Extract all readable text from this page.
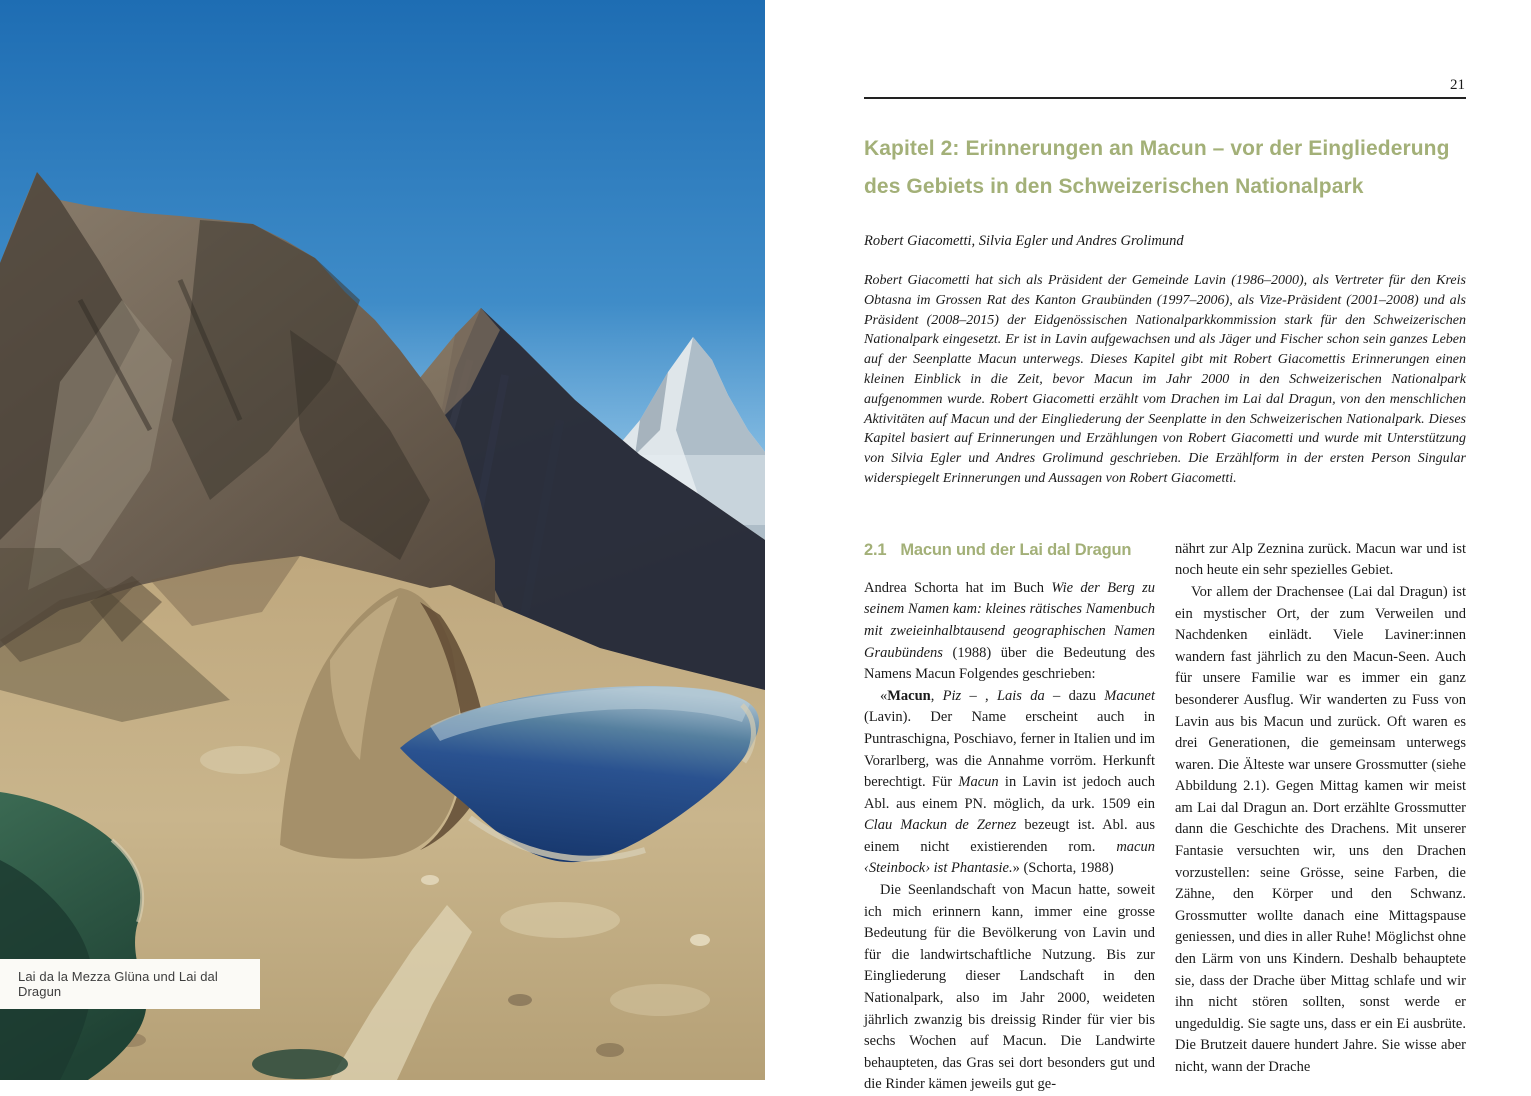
Lai da la Mezza Glüna und Lai dal Dragun
21
Kapitel 2: Erinnerungen an Macun – vor der Eingliederung des Gebiets in den Schweizerischen Nationalpark

Robert Giacometti, Silvia Egler und Andres Grolimund

Robert Giacometti hat sich als Präsident der Gemeinde Lavin (1986–2000), als Vertreter für den Kreis Obtasna im Grossen Rat des Kanton Graubünden (1997–2006), als Vize-Präsident (2001–2008) und als Präsident (2008–2015) der Eidgenössischen Nationalparkkommission stark für den Schweizerischen Nationalpark eingesetzt. Er ist in Lavin aufgewachsen und als Jäger und Fischer schon sein ganzes Leben auf der Seenplatte Macun unterwegs. Dieses Kapitel gibt mit Robert Giacomettis Erinnerungen einen kleinen Einblick in die Zeit, bevor Macun im Jahr 2000 in den Schweizerischen Nationalpark aufgenommen wurde. Robert Giacometti erzählt vom Drachen im Lai dal Dragun, von den menschlichen Aktivitäten auf Macun und der Eingliederung der Seenplatte in den Schweizerischen Nationalpark. Dieses Kapitel basiert auf Erinnerungen und Erzählungen von Robert Giacometti und wurde mit Unterstützung von Silvia Egler und Andres Grolimund geschrieben. Die Erzählform in der ersten Person Singular widerspiegelt Erinnerungen und Aussagen von Robert Giacometti.

2.1 Macun und der Lai dal Dragun

Andrea Schorta hat im Buch Wie der Berg zu seinem Namen kam: kleines rätisches Namenbuch mit zweieinhalbtausend geographischen Namen Graubündens (1988) über die Bedeutung des Namens Macun Folgendes geschrieben:

«Macun, Piz – , Lais da – dazu Macunet (Lavin). Der Name erscheint auch in Puntraschigna, Poschiavo, ferner in Italien und im Vorarlberg, was die Annahme vorröm. Herkunft berechtigt. Für Macun in Lavin ist jedoch auch Abl. aus einem PN. möglich, da urk. 1509 ein Clau Mackun de Zernez bezeugt ist. Abl. aus einem nicht existierenden rom. macun ‹Steinbock› ist Phantasie.» (Schorta, 1988)

Die Seenlandschaft von Macun hatte, soweit ich mich erinnern kann, immer eine grosse Bedeutung für die Bevölkerung von Lavin und für die landwirtschaftliche Nutzung. Bis zur Eingliederung dieser Landschaft in den Nationalpark, also im Jahr 2000, weideten jährlich zwanzig bis dreissig Rinder für vier bis sechs Wochen auf Macun. Die Landwirte behaupteten, das Gras sei dort besonders gut und die Rinder kämen jeweils gut ge-

nährt zur Alp Zeznina zurück. Macun war und ist noch heute ein sehr spezielles Gebiet.

Vor allem der Drachensee (Lai dal Dragun) ist ein mystischer Ort, der zum Verweilen und Nachdenken einlädt. Viele Laviner:innen wandern fast jährlich zu den Macun-Seen. Auch für unsere Familie war es immer ein ganz besonderer Ausflug. Wir wanderten zu Fuss von Lavin aus bis Macun und zurück. Oft waren es drei Generationen, die gemeinsam unterwegs waren. Die Älteste war unsere Grossmutter (siehe Abbildung 2.1). Gegen Mittag kamen wir meist am Lai dal Dragun an. Dort erzählte Grossmutter dann die Geschichte des Drachens. Mit unserer Fantasie versuchten wir, uns den Drachen vorzustellen: seine Grösse, seine Farben, die Zähne, den Körper und den Schwanz. Grossmutter wollte danach eine Mittagspause geniessen, und dies in aller Ruhe! Möglichst ohne den Lärm von uns Kindern. Deshalb behauptete sie, dass der Drache über Mittag schlafe und wir ihn nicht stören sollten, sonst werde er ungeduldig. Sie sagte uns, dass er ein Ei ausbrüte. Die Brutzeit dauere hundert Jahre. Sie wisse aber nicht, wann der Drache
